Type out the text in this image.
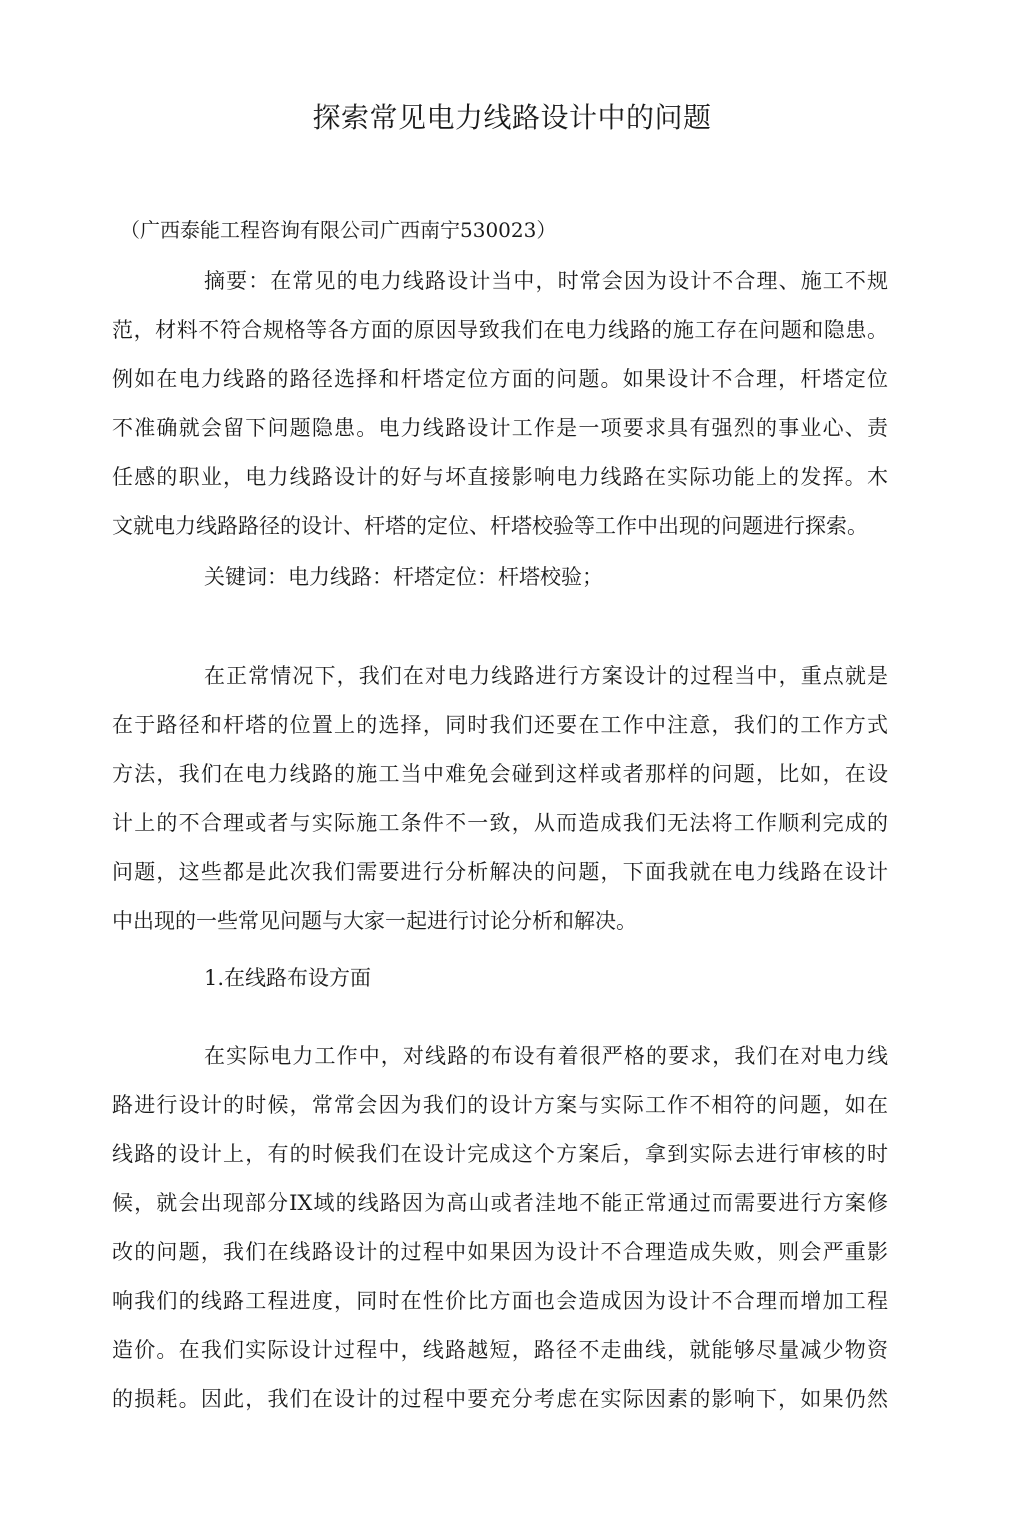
探索常见电力线路设计中的问题
（广西泰能工程咨询有限公司广西南宁530023）
摘要：在常见的电力线路设计当中，时常会因为设计不合理、施工不规
范，材料不符合规格等各方面的原因导致我们在电力线路的施工存在问题和隐患。
例如在电力线路的路径选择和杆塔定位方面的问题。如果设计不合理，杆塔定位
不准确就会留下问题隐患。电力线路设计工作是一项要求具有强烈的事业心、责
任感的职业，电力线路设计的好与坏直接影响电力线路在实际功能上的发挥。木
文就电力线路路径的设计、杆塔的定位、杆塔校验等工作中出现的问题进行探索。
关键词：电力线路：杆塔定位：杆塔校验；
在正常情况下，我们在对电力线路进行方案设计的过程当中，重点就是
在于路径和杆塔的位置上的选择，同时我们还要在工作中注意，我们的工作方式
方法，我们在电力线路的施工当中难免会碰到这样或者那样的问题，比如，在设
计上的不合理或者与实际施工条件不一致，从而造成我们无法将工作顺利完成的
问题，这些都是此次我们需要进行分析解决的问题，下面我就在电力线路在设计
中出现的一些常见问题与大家一起进行讨论分析和解决。
1.在线路布设方面
在实际电力工作中，对线路的布设有着很严格的要求，我们在对电力线
路进行设计的时候，常常会因为我们的设计方案与实际工作不相符的问题，如在
线路的设计上，有的时候我们在设计完成这个方案后，拿到实际去进行审核的时
候，就会出现部分IX域的线路因为高山或者洼地不能正常通过而需要进行方案修
改的问题，我们在线路设计的过程中如果因为设计不合理造成失败，则会严重影
响我们的线路工程进度，同时在性价比方面也会造成因为设计不合理而增加工程
造价。在我们实际设计过程中，线路越短，路径不走曲线，就能够尽量减少物资
的损耗。因此，我们在设计的过程中要充分考虑在实际因素的影响下，如果仍然
